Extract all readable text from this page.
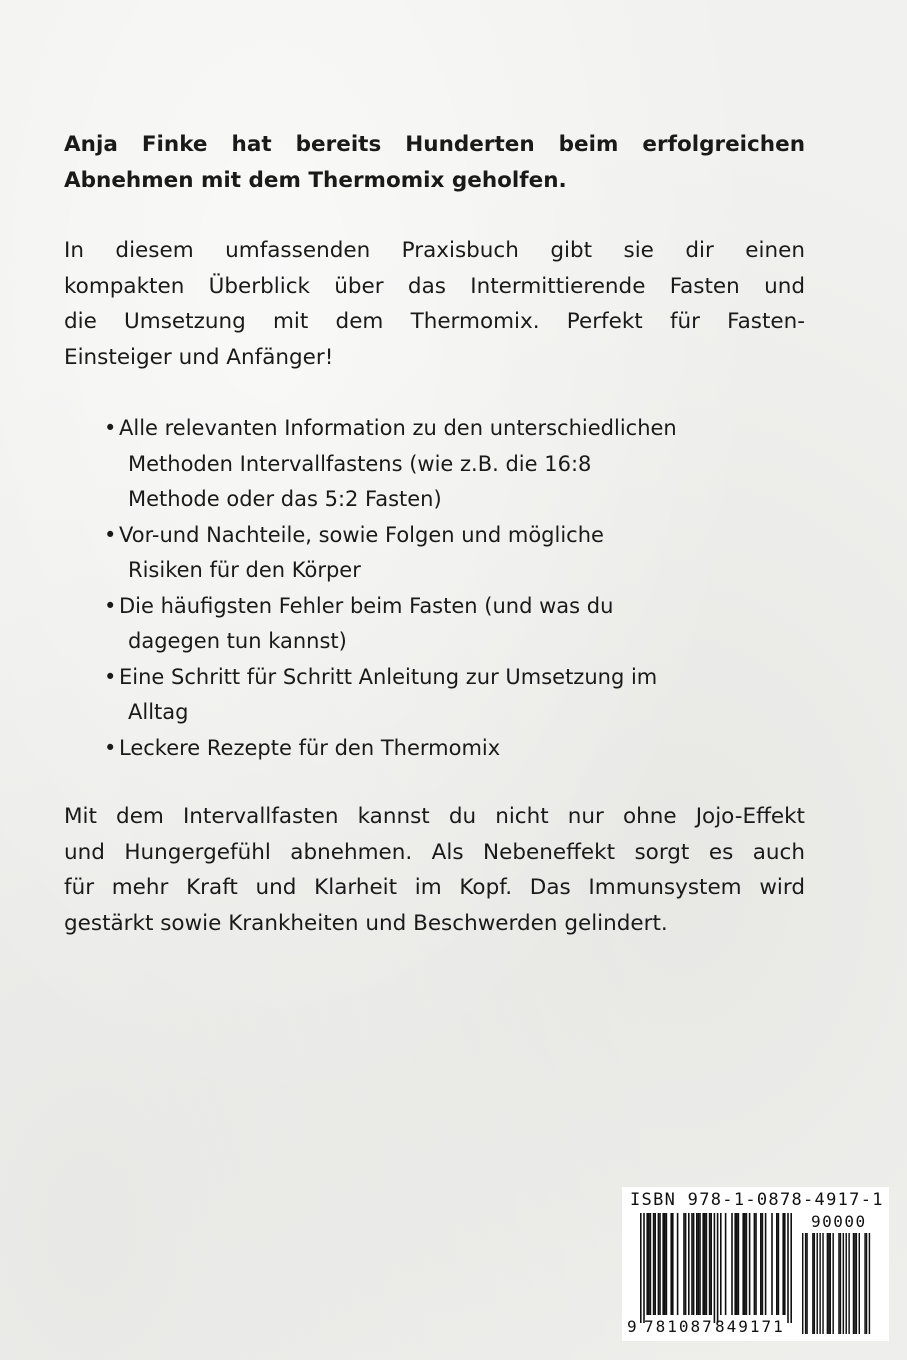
Anja Finke hat bereits Hunderten beim erfolgreichen
Abnehmen mit dem Thermomix geholfen.

In diesem umfassenden Praxisbuch gibt sie dir einen
kompakten Überblick über das Intermittierende Fasten und
die Umsetzung mit dem Thermomix. Perfekt für Fasten-
Einsteiger und Anfänger!

• Alle relevanten Information zu den unterschiedlichen
Methoden Intervallfastens (wie z.B. die 16:8
Methode oder das 5:2 Fasten)
• Vor-und Nachteile, sowie Folgen und mögliche
Risiken für den Körper
• Die häufigsten Fehler beim Fasten (und was du
dagegen tun kannst)
• Eine Schritt für Schritt Anleitung zur Umsetzung im
Alltag
• Leckere Rezepte für den Thermomix

Mit dem Intervallfasten kannst du nicht nur ohne Jojo-Effekt
und Hungergefühl abnehmen. Als Nebeneffekt sorgt es auch
für mehr Kraft und Klarheit im Kopf. Das Immunsystem wird
gestärkt sowie Krankheiten und Beschwerden gelindert.

ISBN 978-1-0878-4917-1
90000
9 781087 849171
